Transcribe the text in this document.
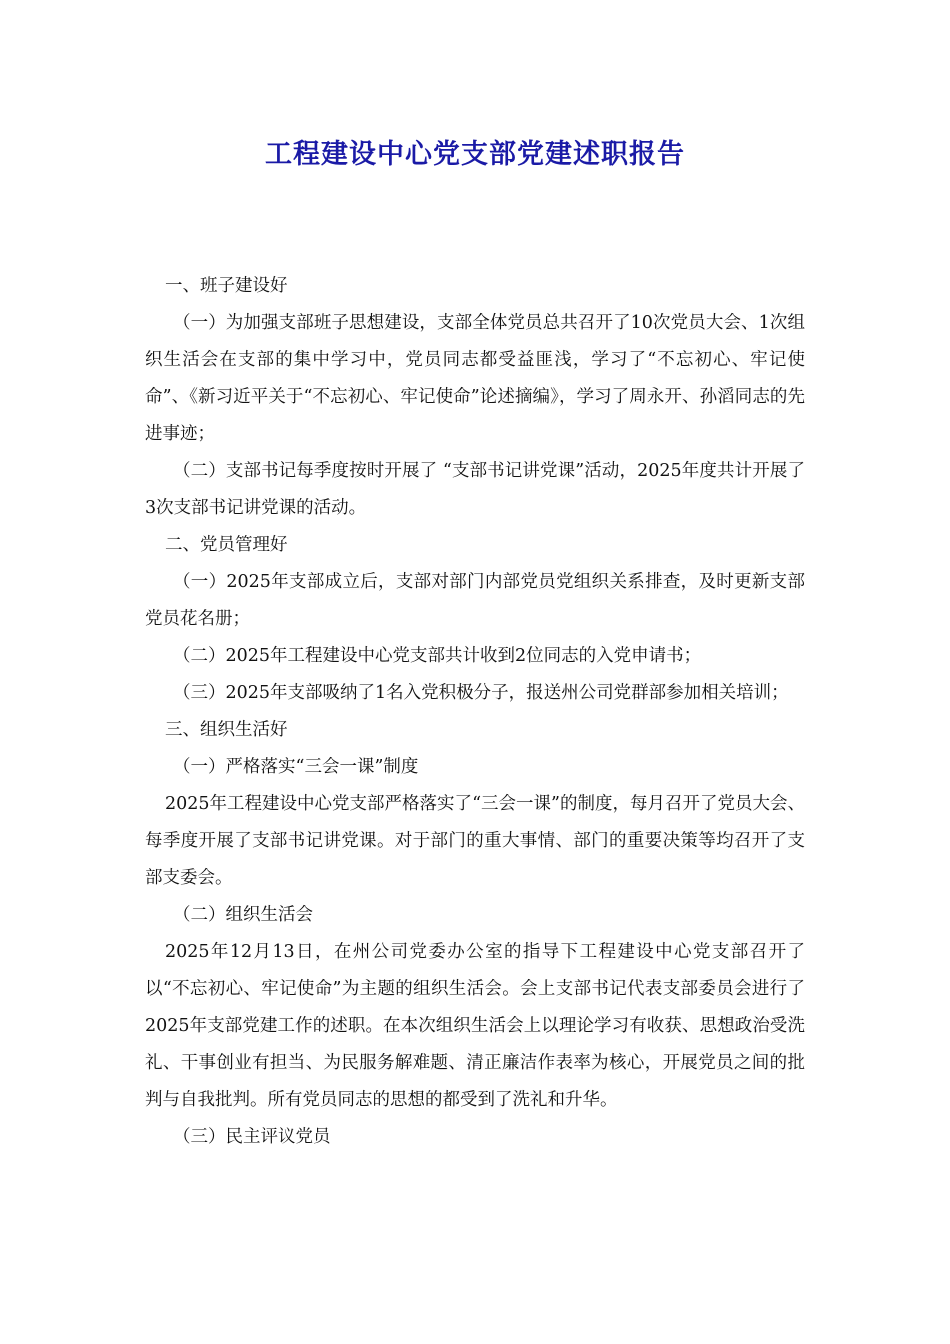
工程建设中心党支部党建述职报告

一、班子建设好

（一）为加强支部班子思想建设，支部全体党员总共召开了10次党员大会、1次组织生活会在支部的集中学习中，党员同志都受益匪浅，学习了“不忘初心、牢记使命”、《新习近平关于“不忘初心、牢记使命”论述摘编》，学习了周永开、孙滔同志的先进事迹；

（二）支部书记每季度按时开展了 “支部书记讲党课”活动，2025年度共计开展了3次支部书记讲党课的活动。

二、党员管理好

（一）2025年支部成立后，支部对部门内部党员党组织关系排查，及时更新支部党员花名册；

（二）2025年工程建设中心党支部共计收到2位同志的入党申请书；

（三）2025年支部吸纳了1名入党积极分子，报送州公司党群部参加相关培训；

三、组织生活好

（一）严格落实“三会一课”制度

2025年工程建设中心党支部严格落实了“三会一课”的制度，每月召开了党员大会、每季度开展了支部书记讲党课。对于部门的重大事情、部门的重要决策等均召开了支部支委会。

（二）组织生活会

2025年12月13日，在州公司党委办公室的指导下工程建设中心党支部召开了以“不忘初心、牢记使命”为主题的组织生活会。会上支部书记代表支部委员会进行了2025年支部党建工作的述职。在本次组织生活会上以理论学习有收获、思想政治受洗礼、干事创业有担当、为民服务解难题、清正廉洁作表率为核心，开展党员之间的批判与自我批判。所有党员同志的思想的都受到了洗礼和升华。

（三）民主评议党员
